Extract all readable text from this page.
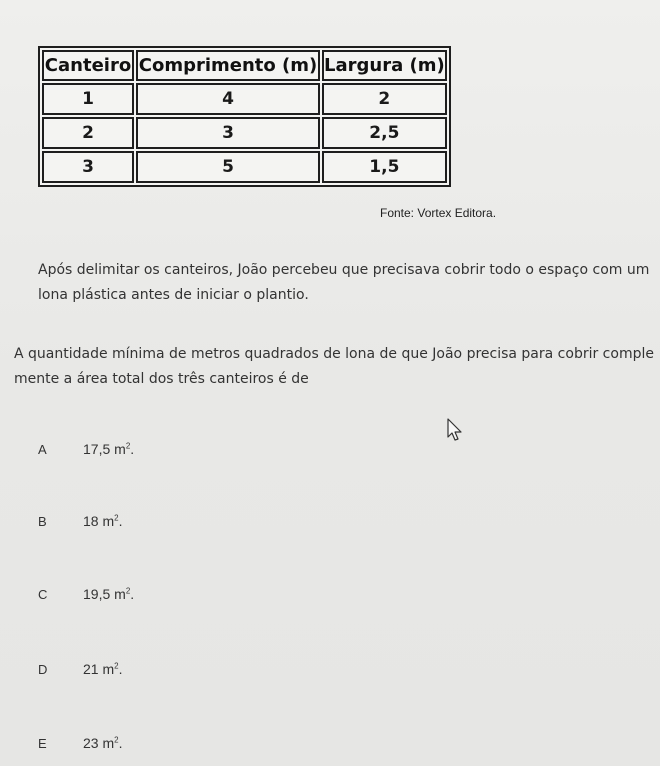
Canteiro	Comprimento (m)	Largura (m)
1	4	2
2	3	2,5
3	5	1,5
Fonte: Vortex Editora.
Após delimitar os canteiros, João percebeu que precisava cobrir todo o espaço com um
lona plástica antes de iniciar o plantio.
A quantidade mínima de metros quadrados de lona de que João precisa para cobrir comple
mente a área total dos três canteiros é de
A	17,5 $m^2$.
B	18 $m^2$.
C	19,5 $m^2$.
D	21 $m^2$.
E	23 $m^2$.
